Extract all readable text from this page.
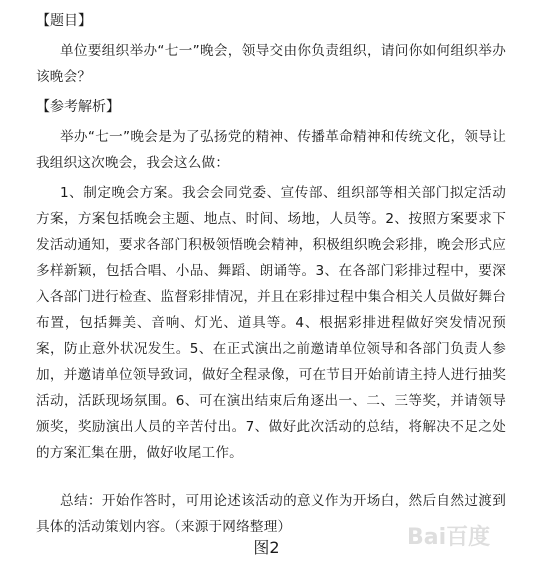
【题目】
单位要组织举办“七一”晚会，领导交由你负责组织，请问你如何组织举办该晚会？
【参考解析】
举办“七一”晚会是为了弘扬党的精神、传播革命精神和传统文化，领导让我组织这次晚会，我会这么做：
1、制定晚会方案。我会会同党委、宣传部、组织部等相关部门拟定活动方案，方案包括晚会主题、地点、时间、场地，人员等。2、按照方案要求下发活动通知，要求各部门积极领悟晚会精神，积极组织晚会彩排，晚会形式应多样新颖，包括合唱、小品、舞蹈、朗诵等。3、在各部门彩排过程中，要深入各部门进行检查、监督彩排情况，并且在彩排过程中集合相关人员做好舞台布置，包括舞美、音响、灯光、道具等。4、根据彩排进程做好突发情况预案，防止意外状况发生。5、在正式演出之前邀请单位领导和各部门负责人参加，并邀请单位领导致词，做好全程录像，可在节目开始前请主持人进行抽奖活动，活跃现场氛围。6、可在演出结束后角逐出一、二、三等奖，并请领导颁奖，奖励演出人员的辛苦付出。7、做好此次活动的总结，将解决不足之处的方案汇集在册，做好收尾工作。
总结：开始作答时，可用论述该活动的意义作为开场白，然后自然过渡到具体的活动策划内容。（来源于网络整理）
图2	Bai百度
